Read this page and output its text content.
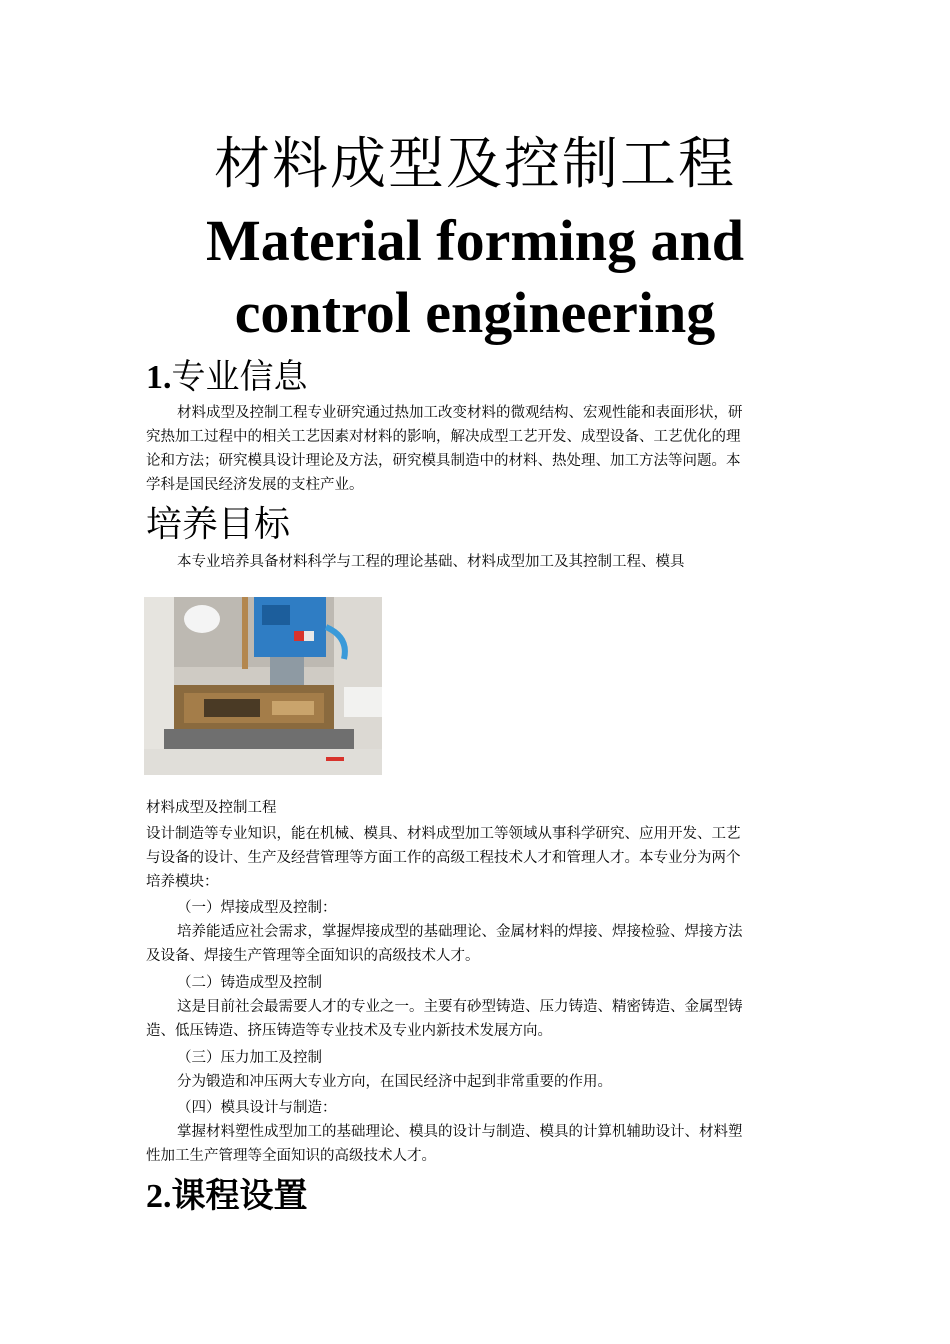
材料成型及控制工程
Material forming and
control engineering
1.专业信息
材料成型及控制工程专业研究通过热加工改变材料的微观结构、宏观性能和表面形状，研
究热加工过程中的相关工艺因素对材料的影响，解决成型工艺开发、成型设备、工艺优化的理
论和方法；研究模具设计理论及方法，研究模具制造中的材料、热处理、加工方法等问题。本
学科是国民经济发展的支柱产业。
培养目标
本专业培养具备材料科学与工程的理论基础、材料成型加工及其控制工程、模具
材料成型及控制工程
设计制造等专业知识，能在机械、模具、材料成型加工等领域从事科学研究、应用开发、工艺
与设备的设计、生产及经营管理等方面工作的高级工程技术人才和管理人才。本专业分为两个
培养模块：
（一）焊接成型及控制：
培养能适应社会需求，掌握焊接成型的基础理论、金属材料的焊接、焊接检验、焊接方法
及设备、焊接生产管理等全面知识的高级技术人才。
（二）铸造成型及控制
这是目前社会最需要人才的专业之一。主要有砂型铸造、压力铸造、精密铸造、金属型铸
造、低压铸造、挤压铸造等专业技术及专业内新技术发展方向。
（三）压力加工及控制
分为锻造和冲压两大专业方向，在国民经济中起到非常重要的作用。
（四）模具设计与制造：
掌握材料塑性成型加工的基础理论、模具的设计与制造、模具的计算机辅助设计、材料塑
性加工生产管理等全面知识的高级技术人才。
2.课程设置
